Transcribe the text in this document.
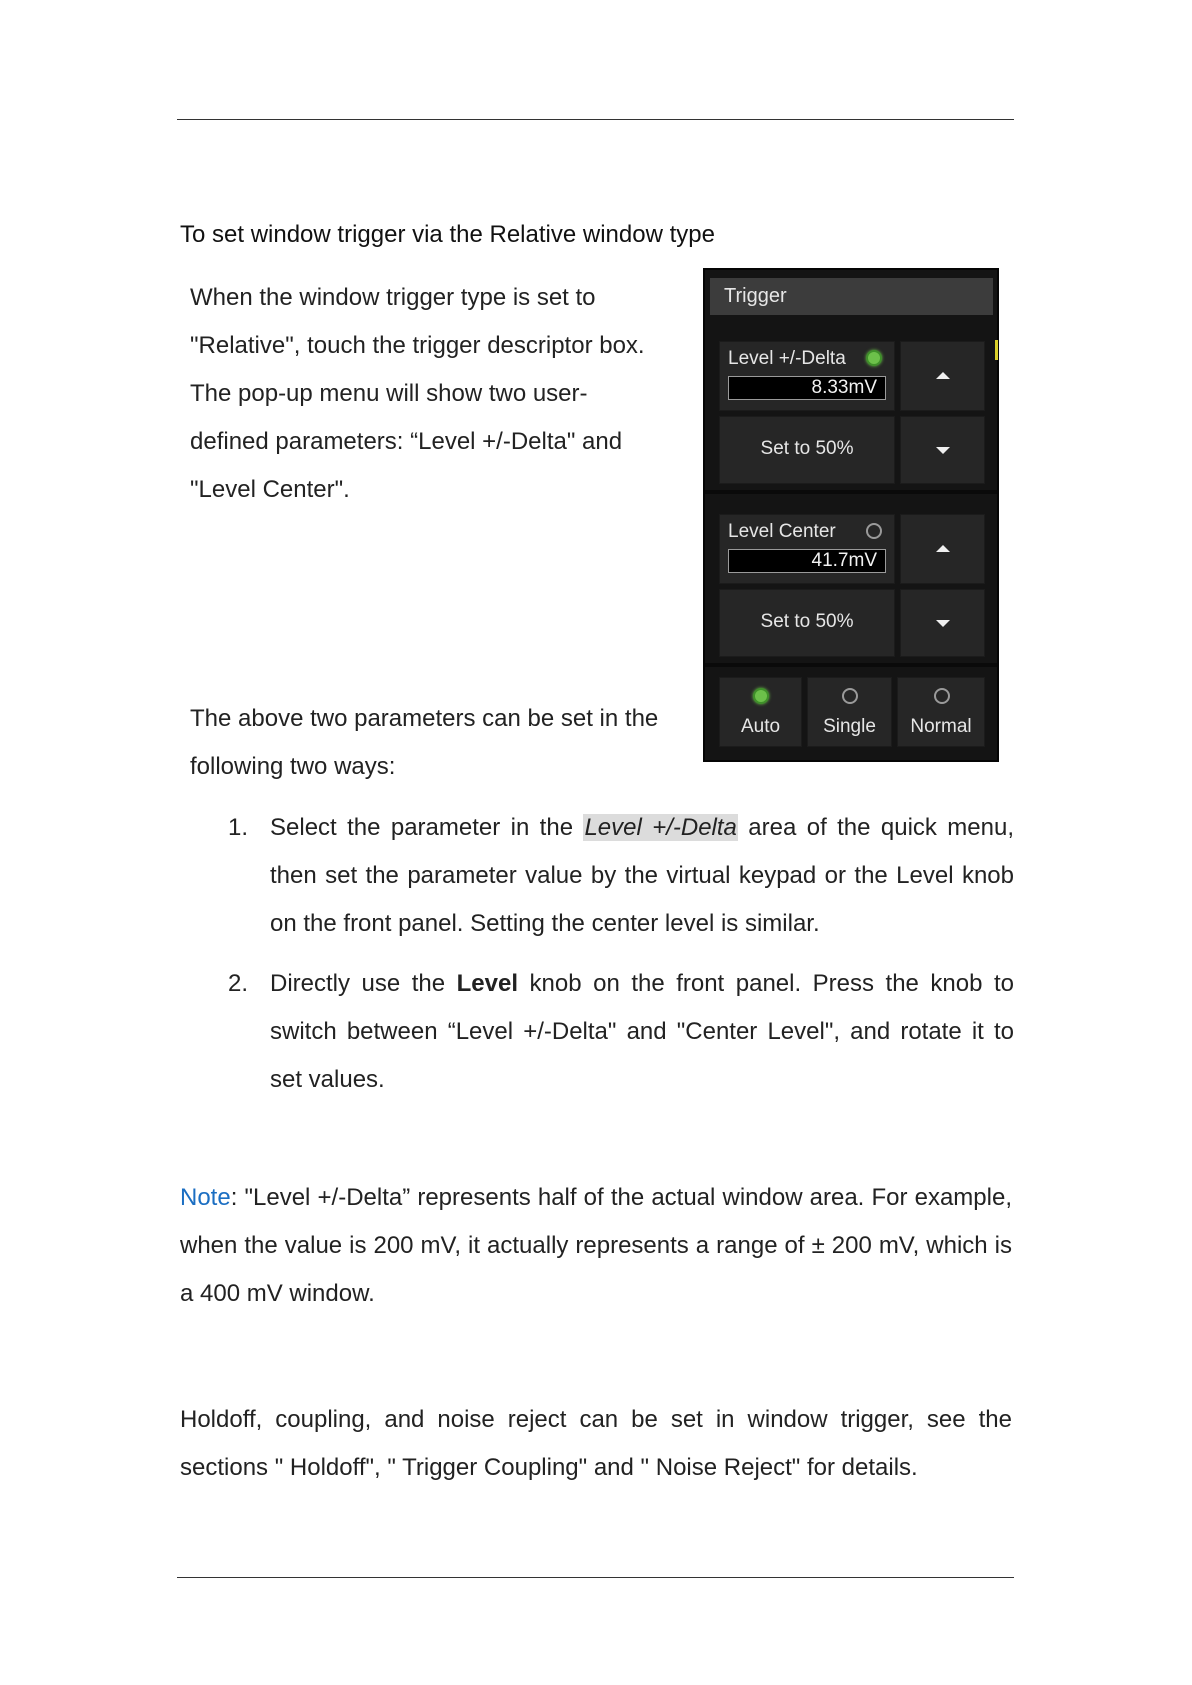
To set window trigger via the Relative window type

When the window trigger type is set to "Relative", touch the trigger descriptor box. The pop-up menu will show two user-defined parameters: “Level +/-Delta" and "Level Center".

The above two parameters can be set in the following two ways:

1. Select the parameter in the Level +/-Delta area of the quick menu, then set the parameter value by the virtual keypad or the Level knob on the front panel. Setting the center level is similar.
2. Directly use the Level knob on the front panel. Press the knob to switch between “Level +/-Delta" and "Center Level", and rotate it to set values.

Note: "Level +/-Delta” represents half of the actual window area. For example, when the value is 200 mV, it actually represents a range of ± 200 mV, which is a 400 mV window.

Holdoff, coupling, and noise reject can be set in window trigger, see the sections " Holdoff", " Trigger Coupling" and " Noise Reject" for details.

Trigger
Level +/-Delta
8.33mV
Set to 50%
Level Center
41.7mV
Set to 50%
Auto	Single	Normal
